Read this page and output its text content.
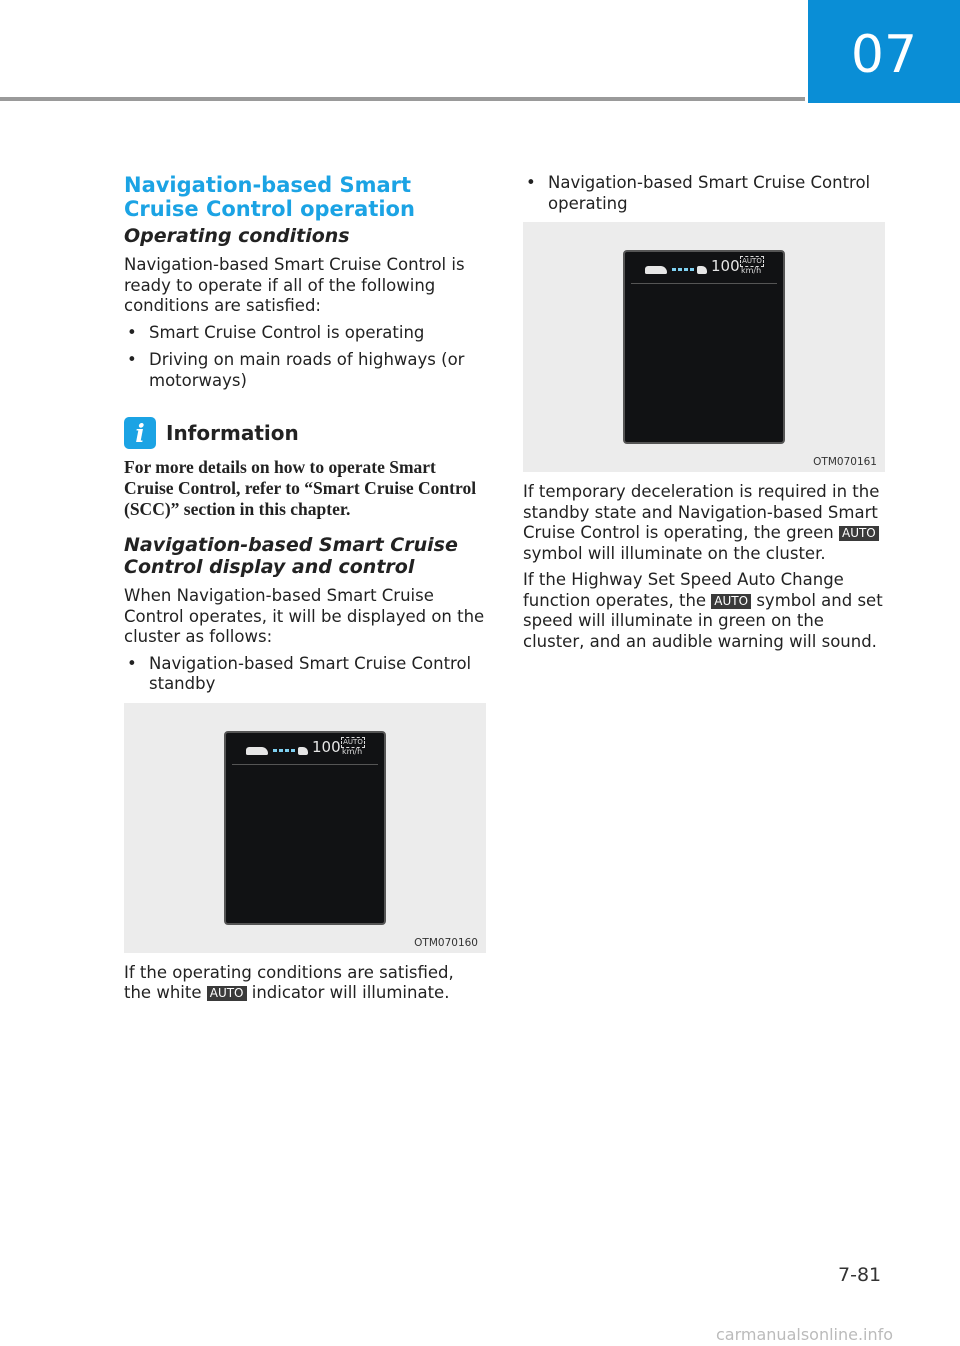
07
Navigation-based Smart Cruise Control operation
Operating conditions

Navigation-based Smart Cruise Control is ready to operate if all of the following conditions are satisfied:

• Smart Cruise Control is operating
• Driving on main roads of highways (or motorways)
i	Information

For more details on how to operate Smart Cruise Control, refer to “Smart Cruise Control (SCC)” section in this chapter.

Navigation-based Smart Cruise Control display and control

When Navigation-based Smart Cruise Control operates, it will be displayed on the cluster as follows:

• Navigation-based Smart Cruise Control standby
100 AUTO
km/h
OTM070160

If the operating conditions are satisfied, the white AUTO indicator will illuminate.

• Navigation-based Smart Cruise Control operating
100 AUTO
km/h
OTM070161

If temporary deceleration is required in the standby state and Navigation-based Smart Cruise Control is operating, the green AUTO symbol will illuminate on the cluster.

If the Highway Set Speed Auto Change function operates, the AUTO symbol and set speed will illuminate in green on the cluster, and an audible warning will sound.

7-81
carmanualsonline.info
